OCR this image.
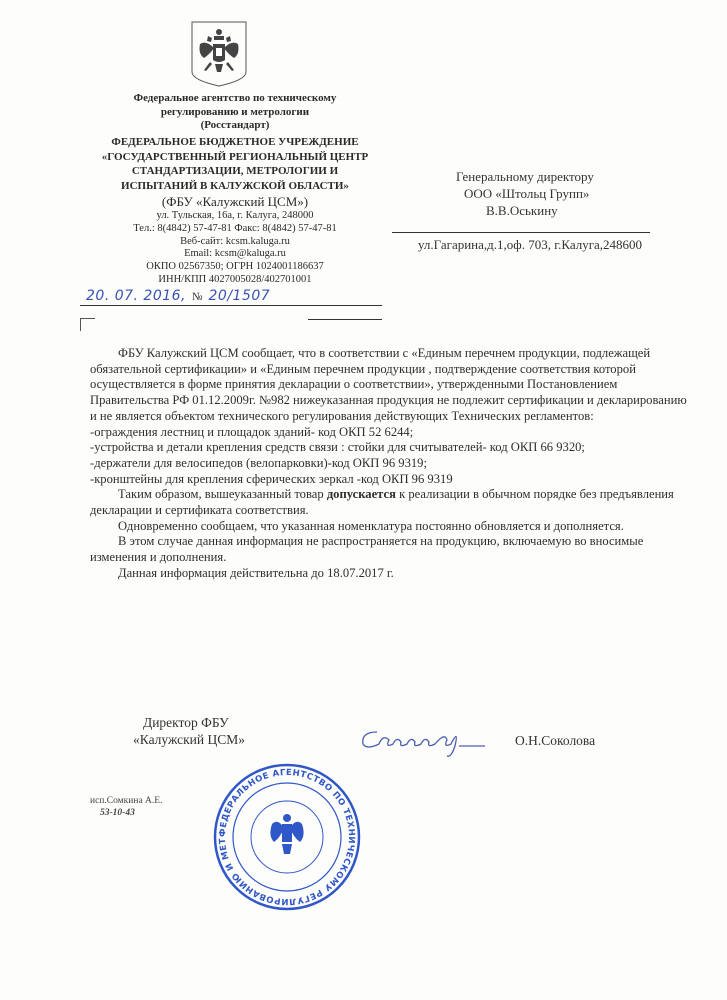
Федеральное агентство по техническому
регулированию и метрологии
(Росстандарт)
ФЕДЕРАЛЬНОЕ БЮДЖЕТНОЕ УЧРЕЖДЕНИЕ
«ГОСУДАРСТВЕННЫЙ РЕГИОНАЛЬНЫЙ ЦЕНТР
СТАНДАРТИЗАЦИИ, МЕТРОЛОГИИ И
ИСПЫТАНИЙ В КАЛУЖСКОЙ ОБЛАСТИ»
(ФБУ «Калужский ЦСМ»)
ул. Тульская, 16а, г. Калуга, 248000
Тел.: 8(4842) 57-47-81 Факс: 8(4842) 57-47-81
Веб-сайт: kcsm.kaluga.ru
Email: kcsm@kaluga.ru
ОКПО 02567350; ОГРН 1024001186637
ИНН/КПП 4027005028/402701001
20. 07. 2016, № 20/1507
Генеральному директору
ООО «Штольц Групп»
В.В.Оськину
ул.Гагарина,д.1,оф. 703, г.Калуга,248600

ФБУ Калужский ЦСМ сообщает, что в соответствии с «Единым перечнем продукции, подлежащей обязательной сертификации» и «Единым перечнем продукции , подтверждение соответствия которой осуществляется в форме принятия декларации о соответствии», утвержденными Постановлением Правительства РФ 01.12.2009г. №982 нижеуказанная продукция не подлежит сертификации и декларированию и не является объектом технического регулирования действующих Технических регламентов:

-ограждения лестниц и площадок зданий- код ОКП 52 6244;

-устройства и детали крепления средств связи : стойки для считывателей- код ОКП 66 9320;

-держатели для велосипедов (велопарковки)-код ОКП 96 9319;

-кронштейны для крепления сферических зеркал -код ОКП 96 9319

Таким образом, вышеуказанный товар допускается к реализации в обычном порядке без предъявления декларации и сертификата соответствия.

Одновременно сообщаем, что указанная номенклатура постоянно обновляется и дополняется.

В этом случае данная информация не распространяется на продукцию, включаемую во вносимые изменения и дополнения.

Данная информация действительна до 18.07.2017 г.

ФЕДЕРАЛЬНОЕ АГЕНТСТВО ПО ТЕХНИЧЕСКОМУ РЕГУЛИРОВАНИЮ И МЕТ
Директор ФБУ
«Калужский ЦСМ»	О.Н.Соколова
исп.Сомкина А.Е.
53-10-43
